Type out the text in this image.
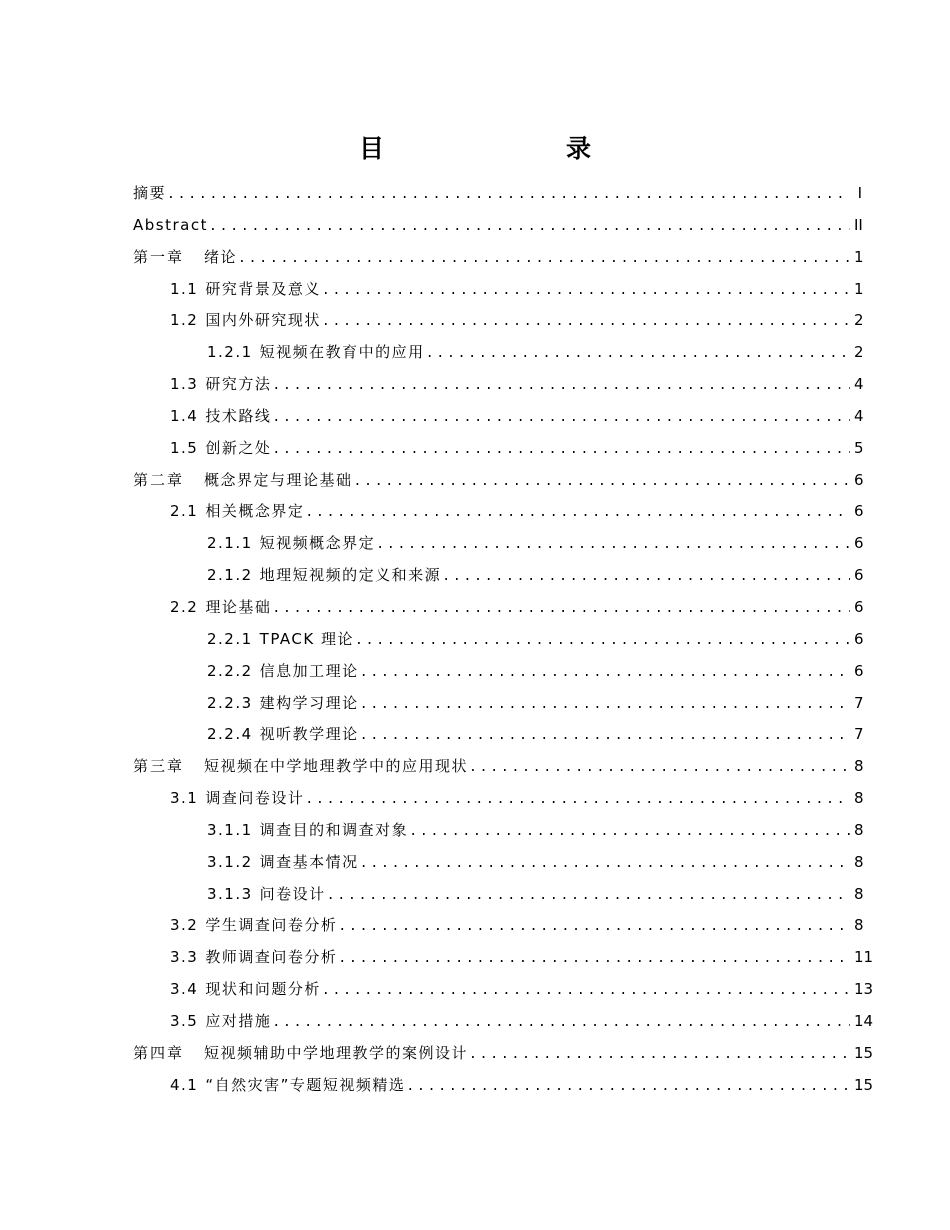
目　　录
摘要 .....	I
Abstract .....	II
第一章 绪论 .....	1
1.1 研究背景及意义 .....	1
1.2 国内外研究现状 .....	2
1.2.1 短视频在教育中的应用 .....	2
1.3 研究方法 .....	4
1.4 技术路线 .....	4
1.5 创新之处 .....	5
第二章 概念界定与理论基础 .....	6
2.1 相关概念界定 .....	6
2.1.1 短视频概念界定 .....	6
2.1.2 地理短视频的定义和来源 .....	6
2.2 理论基础 .....	6
2.2.1 TPACK 理论 .....	6
2.2.2 信息加工理论 .....	6
2.2.3 建构学习理论 .....	7
2.2.4 视听教学理论 .....	7
第三章 短视频在中学地理教学中的应用现状 .....	8
3.1 调查问卷设计 .....	8
3.1.1 调查目的和调查对象 .....	8
3.1.2 调查基本情况 .....	8
3.1.3 问卷设计 .....	8
3.2 学生调查问卷分析 .....	8
3.3 教师调查问卷分析 .....	11
3.4 现状和问题分析 .....	13
3.5 应对措施 .....	14
第四章 短视频辅助中学地理教学的案例设计 .....	15
4.1 “自然灾害”专题短视频精选 .....	15
